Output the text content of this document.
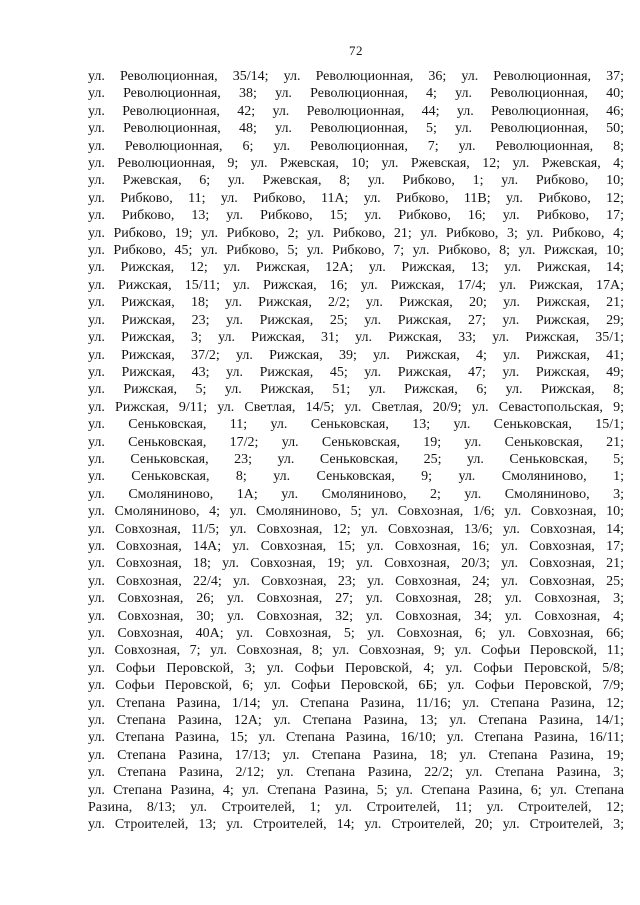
72
ул. Революционная, 35/14; ул. Революционная, 36; ул. Революционная, 37;
ул. Революционная, 38; ул. Революционная, 4; ул. Революционная, 40;
ул. Революционная, 42; ул. Революционная, 44; ул. Революционная, 46;
ул. Революционная, 48; ул. Революционная, 5; ул. Революционная, 50;
ул. Революционная, 6; ул. Революционная, 7; ул. Революционная, 8;
ул. Революционная, 9; ул. Ржевская, 10; ул. Ржевская, 12; ул. Ржевская, 4;
ул. Ржевская, 6; ул. Ржевская, 8; ул. Рибково, 1; ул. Рибково, 10;
ул. Рибково, 11; ул. Рибково, 11А; ул. Рибково, 11В; ул. Рибково, 12;
ул. Рибково, 13; ул. Рибково, 15; ул. Рибково, 16; ул. Рибково, 17;
ул. Рибково, 19; ул. Рибково, 2; ул. Рибково, 21; ул. Рибково, 3; ул. Рибково, 4;
ул. Рибково, 45; ул. Рибково, 5; ул. Рибково, 7; ул. Рибково, 8; ул. Рижская, 10;
ул. Рижская, 12; ул. Рижская, 12А; ул. Рижская, 13; ул. Рижская, 14;
ул. Рижская, 15/11; ул. Рижская, 16; ул. Рижская, 17/4; ул. Рижская, 17А;
ул. Рижская, 18; ул. Рижская, 2/2; ул. Рижская, 20; ул. Рижская, 21;
ул. Рижская, 23; ул. Рижская, 25; ул. Рижская, 27; ул. Рижская, 29;
ул. Рижская, 3; ул. Рижская, 31; ул. Рижская, 33; ул. Рижская, 35/1;
ул. Рижская, 37/2; ул. Рижская, 39; ул. Рижская, 4; ул. Рижская, 41;
ул. Рижская, 43; ул. Рижская, 45; ул. Рижская, 47; ул. Рижская, 49;
ул. Рижская, 5; ул. Рижская, 51; ул. Рижская, 6; ул. Рижская, 8;
ул. Рижская, 9/11; ул. Светлая, 14/5; ул. Светлая, 20/9; ул. Севастопольская, 9;
ул. Сеньковская, 11; ул. Сеньковская, 13; ул. Сеньковская, 15/1;
ул. Сеньковская, 17/2; ул. Сеньковская, 19; ул. Сеньковская, 21;
ул. Сеньковская, 23; ул. Сеньковская, 25; ул. Сеньковская, 5;
ул. Сеньковская, 8; ул. Сеньковская, 9; ул. Смоляниново, 1;
ул. Смоляниново, 1А; ул. Смоляниново, 2; ул. Смоляниново, 3;
ул. Смоляниново, 4; ул. Смоляниново, 5; ул. Совхозная, 1/6; ул. Совхозная, 10;
ул. Совхозная, 11/5; ул. Совхозная, 12; ул. Совхозная, 13/6; ул. Совхозная, 14;
ул. Совхозная, 14А; ул. Совхозная, 15; ул. Совхозная, 16; ул. Совхозная, 17;
ул. Совхозная, 18; ул. Совхозная, 19; ул. Совхозная, 20/3; ул. Совхозная, 21;
ул. Совхозная, 22/4; ул. Совхозная, 23; ул. Совхозная, 24; ул. Совхозная, 25;
ул. Совхозная, 26; ул. Совхозная, 27; ул. Совхозная, 28; ул. Совхозная, 3;
ул. Совхозная, 30; ул. Совхозная, 32; ул. Совхозная, 34; ул. Совхозная, 4;
ул. Совхозная, 40А; ул. Совхозная, 5; ул. Совхозная, 6; ул. Совхозная, 66;
ул. Совхозная, 7; ул. Совхозная, 8; ул. Совхозная, 9; ул. Софьи Перовской, 11;
ул. Софьи Перовской, 3; ул. Софьи Перовской, 4; ул. Софьи Перовской, 5/8;
ул. Софьи Перовской, 6; ул. Софьи Перовской, 6Б; ул. Софьи Перовской, 7/9;
ул. Степана Разина, 1/14; ул. Степана Разина, 11/16; ул. Степана Разина, 12;
ул. Степана Разина, 12А; ул. Степана Разина, 13; ул. Степана Разина, 14/1;
ул. Степана Разина, 15; ул. Степана Разина, 16/10; ул. Степана Разина, 16/11;
ул. Степана Разина, 17/13; ул. Степана Разина, 18; ул. Степана Разина, 19;
ул. Степана Разина, 2/12; ул. Степана Разина, 22/2; ул. Степана Разина, 3;
ул. Степана Разина, 4; ул. Степана Разина, 5; ул. Степана Разина, 6; ул. Степана
Разина, 8/13; ул. Строителей, 1; ул. Строителей, 11; ул. Строителей, 12;
ул. Строителей, 13; ул. Строителей, 14; ул. Строителей, 20; ул. Строителей, 3;
